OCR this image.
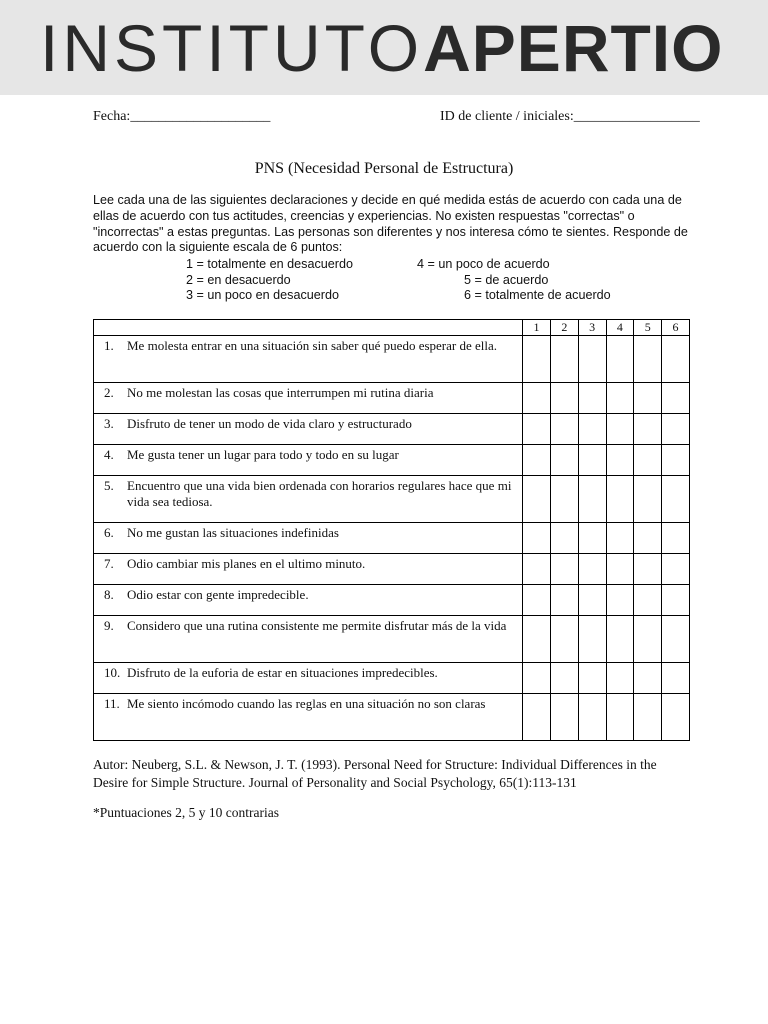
INSTITUTO APERTIO
Fecha:____________________	ID de cliente / iniciales:__________________
PNS (Necesidad Personal de Estructura)
Lee cada una de las siguientes declaraciones y decide en qué medida estás de acuerdo con cada una de ellas de acuerdo con tus actitudes, creencias y experiencias. No existen respuestas "correctas" o "incorrectas" a estas preguntas. Las personas son diferentes y nos interesa cómo te sientes. Responde de acuerdo con la siguiente escala de 6 puntos:
1 = totalmente en desacuerdo
2 = en desacuerdo
3 = un poco en desacuerdo
4 = un poco de acuerdo
5 = de acuerdo
6 = totalmente de acuerdo
	1	2	3	4	5	6

1. Me molesta entrar en una situación sin saber qué puedo esperar de ella.						

2. No me molestan las cosas que interrumpen mi rutina diaria						

3. Disfruto de tener un modo de vida claro y estructurado						

4. Me gusta tener un lugar para todo y todo en su lugar						

5. Encuentro que una vida bien ordenada con horarios regulares hace que mi vida sea tediosa.						

6. No me gustan las situaciones indefinidas						

7. Odio cambiar mis planes en el ultimo minuto.						

8. Odio estar con gente impredecible.						

9. Considero que una rutina consistente me permite disfrutar más de la vida						

10. Disfruto de la euforia de estar en situaciones impredecibles.						

11. Me siento incómodo cuando las reglas en una situación no son claras						

Autor: Neuberg, S.L. & Newson, J. T. (1993). Personal Need for Structure: Individual Differences in the Desire for Simple Structure. Journal of Personality and Social Psychology, 65(1):113-131
*Puntuaciones 2, 5 y 10 contrarias
